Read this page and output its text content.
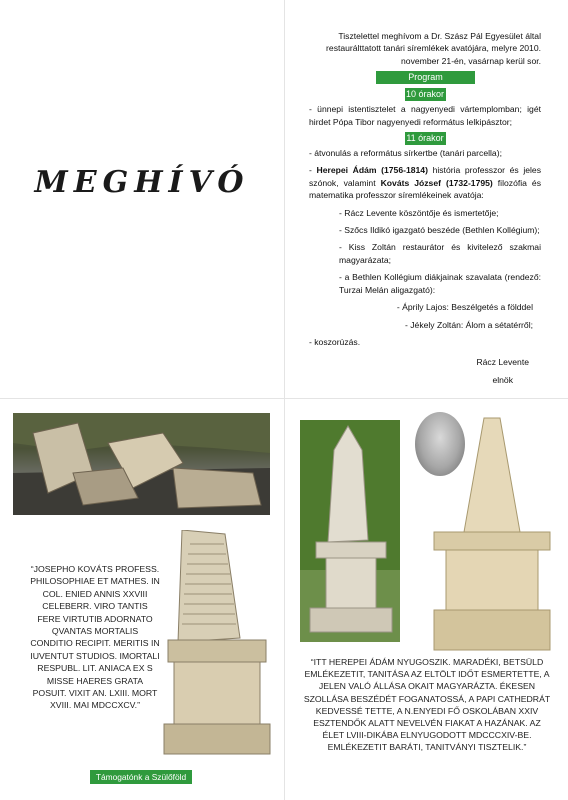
MEGHÍVÓ

Tisztelettel meghívom a Dr. Szász Pál Egyesület által restaurálttatott tanári síremlékek avatójára, melyre 2010. november 21-én, vasárnap kerül sor.

Program
10 órakor

- ünnepi istentisztelet a nagyenyedi vártemplomban; igét hirdet Pópa Tibor nagyenyedi református lelkipásztor;

11 órakor

- átvonulás a református sírkertbe (tanári parcella);

- Herepei Ádám (1756-1814) história professzor és jeles szónok, valamint Kováts József (1732-1795) filozófia és matematika professzor síremlékeinek avatója:

- Rácz Levente köszöntője és ismertetője;

- Szőcs Ildikó igazgató beszéde (Bethlen Kollégium);

- Kiss Zoltán restaurátor és kivitelező szakmai magyarázata;

- a Bethlen Kollégium diákjainak szavalata (rendező: Turzai Melán aligazgató):

- Áprily Lajos: Beszélgetés a földdel

- Jékely Zoltán: Álom a sétatérről;

- koszorúzás.

Rácz Levente

elnök

“JOSEPHO KOVÁTS PROFESS. PHILOSOPHIAE ET MATHES. IN COL. ENIED ANNIS XXVIII CELEBERR. VIRO TANTIS FERE VIRTUTIB ADORNATO QVANTAS MORTALIS CONDITIO RECIPIT. MERITIS IN IUVENTUT STUDIOS. IMORTALI RESPUBL. LIT. ANIACA EX S MISSE HAERES GRATA POSUIT. VIXIT AN. LXIII. MORT XVIII. MAI MDCCXCV.”
Támogatónk a Szülőföld Alap
“ITT HEREPEI ÁDÁM NYUGOSZIK. MARADÉKI, BETSÜLD EMLÉKEZETIT, TANITÁSA AZ ELTÖLT IDŐT ESMERTETTE, A JELEN VALÓ ÁLLÁSA OKAIT MAGYARÁZTA. ÉKESEN SZOLLÁSA BESZÉDÉT FOGANATOSSÁ, A PAPI CATHEDRÁT KEDVESSÉ TETTE, A N.ENYEDI FŐ OSKOLÁBAN XXIV ESZTENDŐK ALATT NEVELVÉN FIAKAT A HAZÁNAK. AZ ÉLET LVIII-DIKÁBA ELNYUGODOTT MDCCCXIV-BE. EMLÉKEZETIT BARÁTI, TANITVÁNYI TISZTELIK.”
